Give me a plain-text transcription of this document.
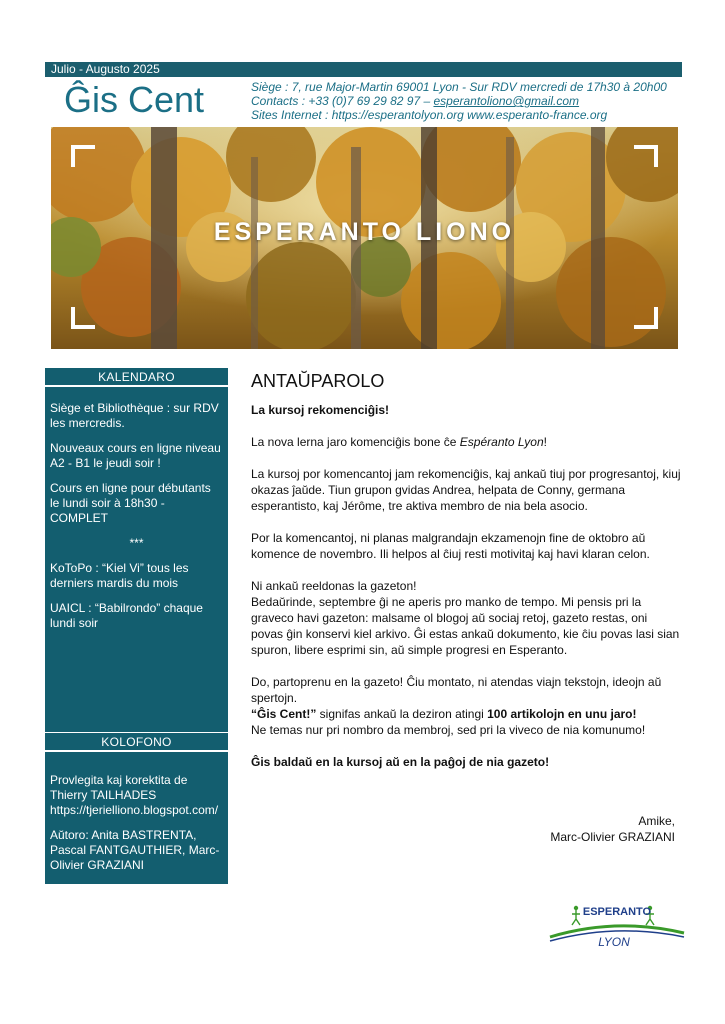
Julio - Augusto 2025
Ĝis Cent	Siège : 7, rue Major-Martin 69001 Lyon - Sur RDV mercredi de 17h30 à 20h00
Contacts : +33 (0)7 69 29 82 97 – esperantoliono@gmail.com
Sites Internet : https://esperantolyon.org www.esperanto-france.org
ESPERANTO LIONO
KALENDARO

Siège et Bibliothèque : sur RDV les mercredis.

Nouveaux cours en ligne niveau A2 - B1 le jeudi soir !

Cours en ligne pour débutants le lundi soir à 18h30 - COMPLET

***

KoToPo : “Kiel Vi” tous les derniers mardis du mois

UAICL : “Babilrondo” chaque lundi soir

KOLOFONO

Provlegita kaj korektita de Thierry TAILHADES https://tjerielliono.blogspot.com/

Aŭtoro: Anita BASTRENTA, Pascal FANTGAUTHIER, Marc-Olivier GRAZIANI

ANTAŬPAROLO

La kursoj rekomenciĝis!

La nova lerna jaro komenciĝis bone ĉe Espéranto Lyon!

La kursoj por komencantoj jam rekomenciĝis, kaj ankaŭ tiuj por progresantoj, kiuj okazas ĵaŭde. Tiun grupon gvidas Andrea, helpata de Conny, germana esperantisto, kaj Jérôme, tre aktiva membro de nia bela asocio.

Por la komencantoj, ni planas malgrandajn ekzamenojn fine de oktobro aŭ komence de novembro. Ili helpos al ĉiuj resti motivitaj kaj havi klaran celon.

Ni ankaŭ reeldonas la gazeton!

Bedaŭrinde, septembre ĝi ne aperis pro manko de tempo. Mi pensis pri la graveco havi gazeton: malsame ol blogoj aŭ sociaj retoj, gazeto restas, oni povas ĝin konservi kiel arkivo. Ĝi estas ankaŭ dokumento, kie ĉiu povas lasi sian spuron, libere esprimi sin, aŭ simple progresi en Esperanto.

Do, partoprenu en la gazeto! Ĉiu montato, ni atendas viajn tekstojn, ideojn aŭ spertojn.

“Ĝis Cent!” signifas ankaŭ la deziron atingi 100 artikolojn en unu jaro!

Ne temas nur pri nombro da membroj, sed pri la viveco de nia komunumo!

Ĝis baldaŭ en la kursoj aŭ en la paĝoj de nia gazeto!

Amike,
Marc-Olivier GRAZIANI
ESPERANTO
LYON
